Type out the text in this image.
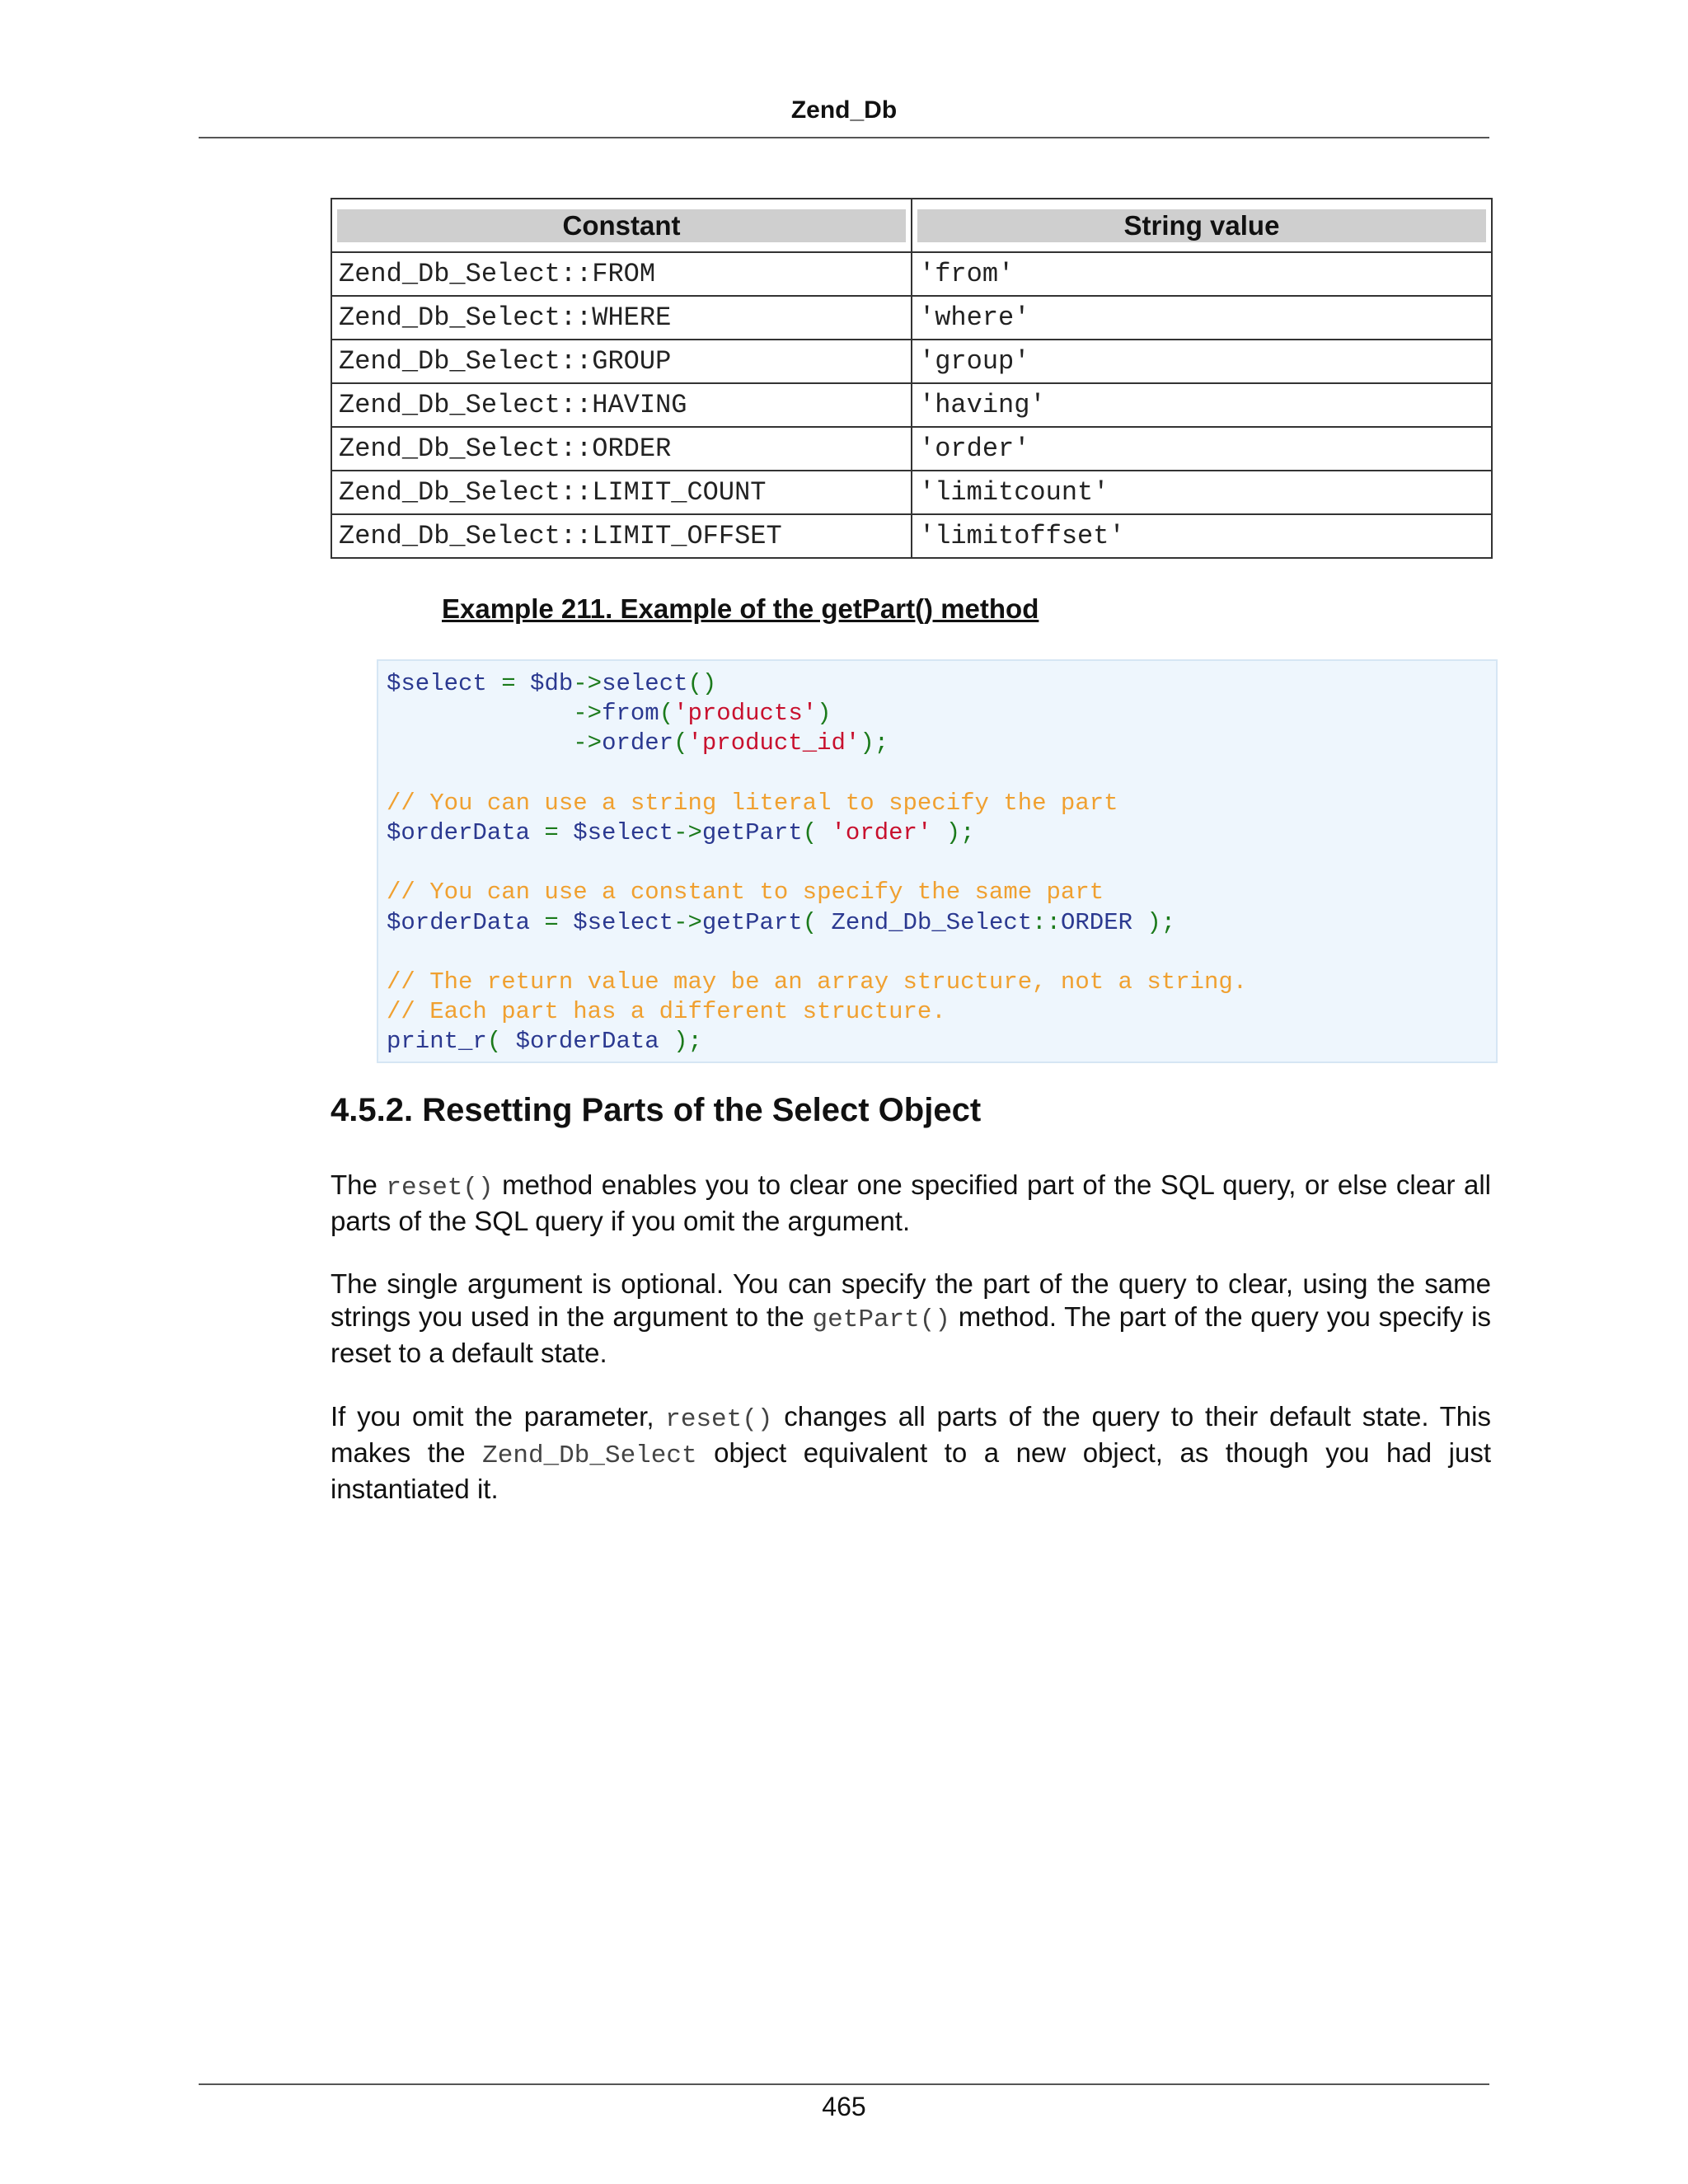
Zend_Db
Constant	String value

Zend_Db_Select::FROM	'from'
Zend_Db_Select::WHERE	'where'
Zend_Db_Select::GROUP	'group'
Zend_Db_Select::HAVING	'having'
Zend_Db_Select::ORDER	'order'
Zend_Db_Select::LIMIT_COUNT	'limitcount'
Zend_Db_Select::LIMIT_OFFSET	'limitoffset'
Example 211. Example of the getPart() method
$select = $db->select()
->from('products')
->order('product_id');

// You can use a string literal to specify the part
$orderData = $select->getPart( 'order' );

// You can use a constant to specify the same part
$orderData = $select->getPart( Zend_Db_Select::ORDER );

// The return value may be an array structure, not a string.
// Each part has a different structure.
print_r( $orderData );
4.5.2. Resetting Parts of the Select Object

The reset() method enables you to clear one specified part of the SQL query, or else clear all parts of the SQL query if you omit the argument.

The single argument is optional. You can specify the part of the query to clear, using the same strings you used in the argument to the getPart() method. The part of the query you specify is reset to a default state.

If you omit the parameter, reset() changes all parts of the query to their default state. This makes the Zend_Db_Select object equivalent to a new object, as though you had just instantiated it.

465
